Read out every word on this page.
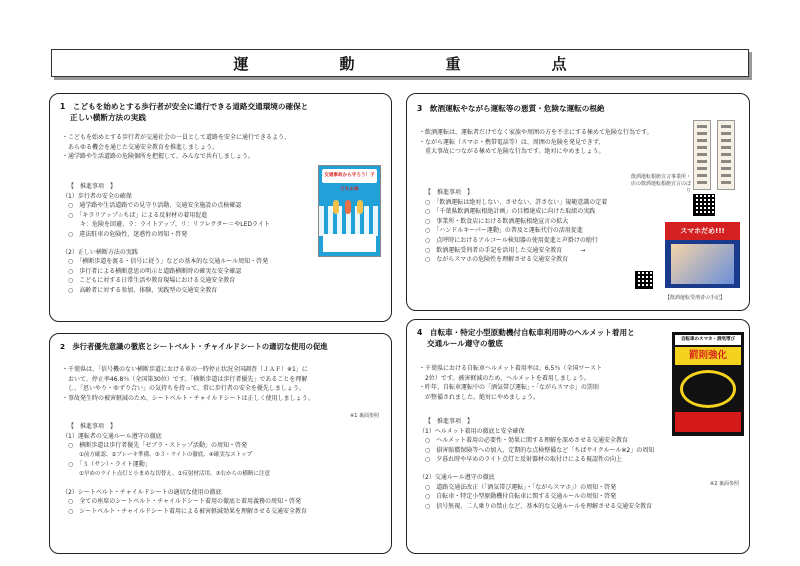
運　動　重　点
1　こどもを始めとする歩行者が安全に通行できる道路交通環境の確保と
正しい横断方法の実践
・こどもを始めとする歩行者が交通社会の一員として道路を安全に通行できるよう、
　あらゆる機会を通じた交通安全教育を推進しましょう。
・通学路や生活道路の危険個所を把握して、みんなで共有しましょう。
【　推進事項　】
（1）歩行者の安全の確保
○　通学路や生活道路での見守り活動、交通安全施設の点検確認
○　「キラリアップ☆ちば」による反射材の着用促進
　　キ：危険を回避、ラ：ライトアップ、リ：リフレクター＝やLEDライト
○　違法駐車の危険性、迷惑性の周知・啓発
（2）正しい横断方法の実践
○　「横断歩道を渡る・信号に従う」などの基本的な交通ルール周知・啓発
○　歩行者による横断意思の明示と道路横断時の確実な安全確認
○　こどもに対する日常生活や教育現場における交通安全教育
○　高齢者に対する参加、体験、実践型の交通安全教育
交通事故から守ろう！子どもの命
2　歩行者優先意識の徹底とシートベルト・チャイルドシートの適切な使用の促進
・千葉県は、「信号機のない横断歩道における車の一時停止状況全国調査（ＪＡＦ）※1」に
　おいて、停止率46.8％（全国第30位）です。「横断歩道は歩行者優先」であることを理解
　し、「思いやり・ゆずり合い」の気持ちを持って、常に歩行者の安全を優先しましょう。
・事故発生時の被害軽減のため、シートベルト・チャイルドシートは正しく使用しましょう。
※1 裏面参照
【　推進事項　】
（1）運転者の交通ルール遵守の徹底
○　横断歩道は歩行者優先「ゼブラ・ストップ活動」の周知・啓発
　　①前方確認、②ブレーキ準備、③３・ライトの徹底、④確実なストップ
○　「３（サン）・ライト運動」
　　①早めのライト点灯と小まめな切替え、②反射材活用、③右からの横断に注意
（2）シートベルト・チャイルドシートの適切な使用の徹底
○　全ての座席のシートベルト・チャイルドシート着用の徹底と着用義務の周知・啓発
○　シートベルト・チャイルドシート着用による被害軽減効果を理解させる交通安全教育
3　飲酒運転やながら運転等の悪質・危険な運転の根絶
・飲酒運転は、運転者だけでなく家族や周囲の方を不幸にする極めて危険な行為です。
・ながら運転（スマホ・携帯電話等）は、周囲の危険を発見できず、
　重大事故につながる極めて危険な行為です。絶対にやめましょう。
飲酒運転根絶宣言事業所・
店の飲酒運転根絶宣言のぼり
【　推進事項　】
○　「飲酒運転は絶対しない、させない、許さない」規範意識の定着
○　「千葉県飲酒運転根絶計画」の目標達成に向けた取組の実践
○　事業所・飲食店における飲酒運転根絶宣言の拡大
○　「ハンドルキーパー運動」の普及と運転代行の活用促進
○　点呼時におけるアルコール検知器の使用促進と声掛けの励行
○　飲酒運転受刑者の手記を活用した交通安全教育　　　→
○　ながらスマホの危険性を理解させる交通安全教育
スマホだめ!!!
【飲酒運転受刑者の手記】
4　自転車・特定小型原動機付自転車利用時のヘルメット着用と
交通ルール遵守の徹底
・千葉県における自転車ヘルメット着用率は、6.5％（全国ワースト
　2位）です。被害軽減のため、ヘルメットを着用しましょう。
・昨年、自転車運転中の「酒気帯び運転」・「ながらスマホ」の罰則
　が整備されました。絶対にやめましょう。
自転車のスマホ・酒気帯び
罰則強化
【　推進事項　】
（1）ヘルメット着用の徹底と安全確保
○　ヘルメット着用の必要性・効果に関する理解を深めさせる交通安全教育
○　損害賠償保険等への加入、定期的な点検整備など「ちばサイクルール※2」の周知
○　夕暮れ時や早めのライト点灯と反射器材の取付けによる視認性の向上
（2）交通ルール遵守の徹底
○　道路交通法改正（「酒気帯び運転」・「ながらスマホ」）の周知・啓発
○　自転車・特定小型原動機付自転車に関する交通ルールの周知・啓発
○　信号無視、二人乗りの禁止など、基本的な交通ルールを理解させる交通安全教育
※2 裏面参照
